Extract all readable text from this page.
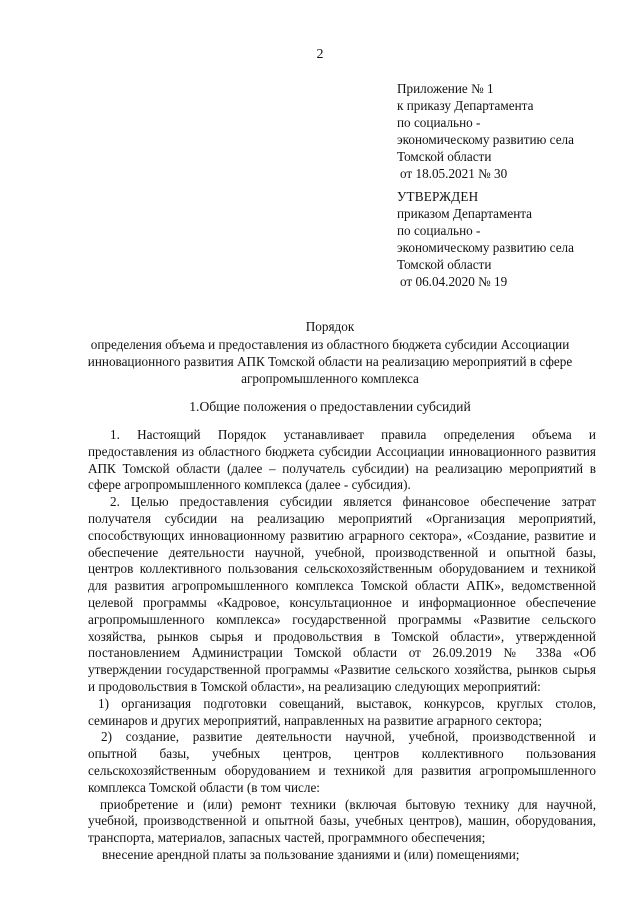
2
Приложение № 1
к приказу Департамента
по социально -
экономическому развитию села
Томской области
от 18.05.2021 № 30
УТВЕРЖДЕН
приказом Департамента
по социально -
экономическому развитию села
Томской области
от 06.04.2020 № 19
Порядок
определения объема и предоставления из областного бюджета субсидии Ассоциации
инновационного развития АПК Томской области на реализацию мероприятий в сфере
агропромышленного комплекса
1.Общие положения о предоставлении субсидий
1. Настоящий Порядок устанавливает правила определения объема и
предоставления из областного бюджета субсидии Ассоциации инновационного развития
АПК Томской области (далее – получатель субсидии) на реализацию мероприятий в
сфере агропромышленного комплекса (далее - субсидия).
2. Целью предоставления субсидии является финансовое обеспечение затрат
получателя субсидии на реализацию мероприятий «Организация мероприятий,
способствующих инновационному развитию аграрного сектора», «Создание, развитие и
обеспечение деятельности научной, учебной, производственной и опытной базы,
центров коллективного пользования сельскохозяйственным оборудованием и техникой
для развития агропромышленного комплекса Томской области АПК», ведомственной
целевой программы «Кадровое, консультационное и информационное обеспечение
агропромышленного комплекса» государственной программы «Развитие сельского
хозяйства, рынков сырья и продовольствия в Томской области», утвержденной
постановлением Администрации Томской области от 26.09.2019 № 338а «Об
утверждении государственной программы «Развитие сельского хозяйства, рынков сырья
и продовольствия в Томской области», на реализацию следующих мероприятий:
1) организация подготовки совещаний, выставок, конкурсов, круглых столов,
семинаров и других мероприятий, направленных на развитие аграрного сектора;
2) создание, развитие деятельности научной, учебной, производственной и
опытной базы, учебных центров, центров коллективного пользования
сельскохозяйственным оборудованием и техникой для развития агропромышленного
комплекса Томской области (в том числе:
приобретение и (или) ремонт техники (включая бытовую технику для научной,
учебной, производственной и опытной базы, учебных центров), машин, оборудования,
транспорта, материалов, запасных частей, программного обеспечения;
внесение арендной платы за пользование зданиями и (или) помещениями;
